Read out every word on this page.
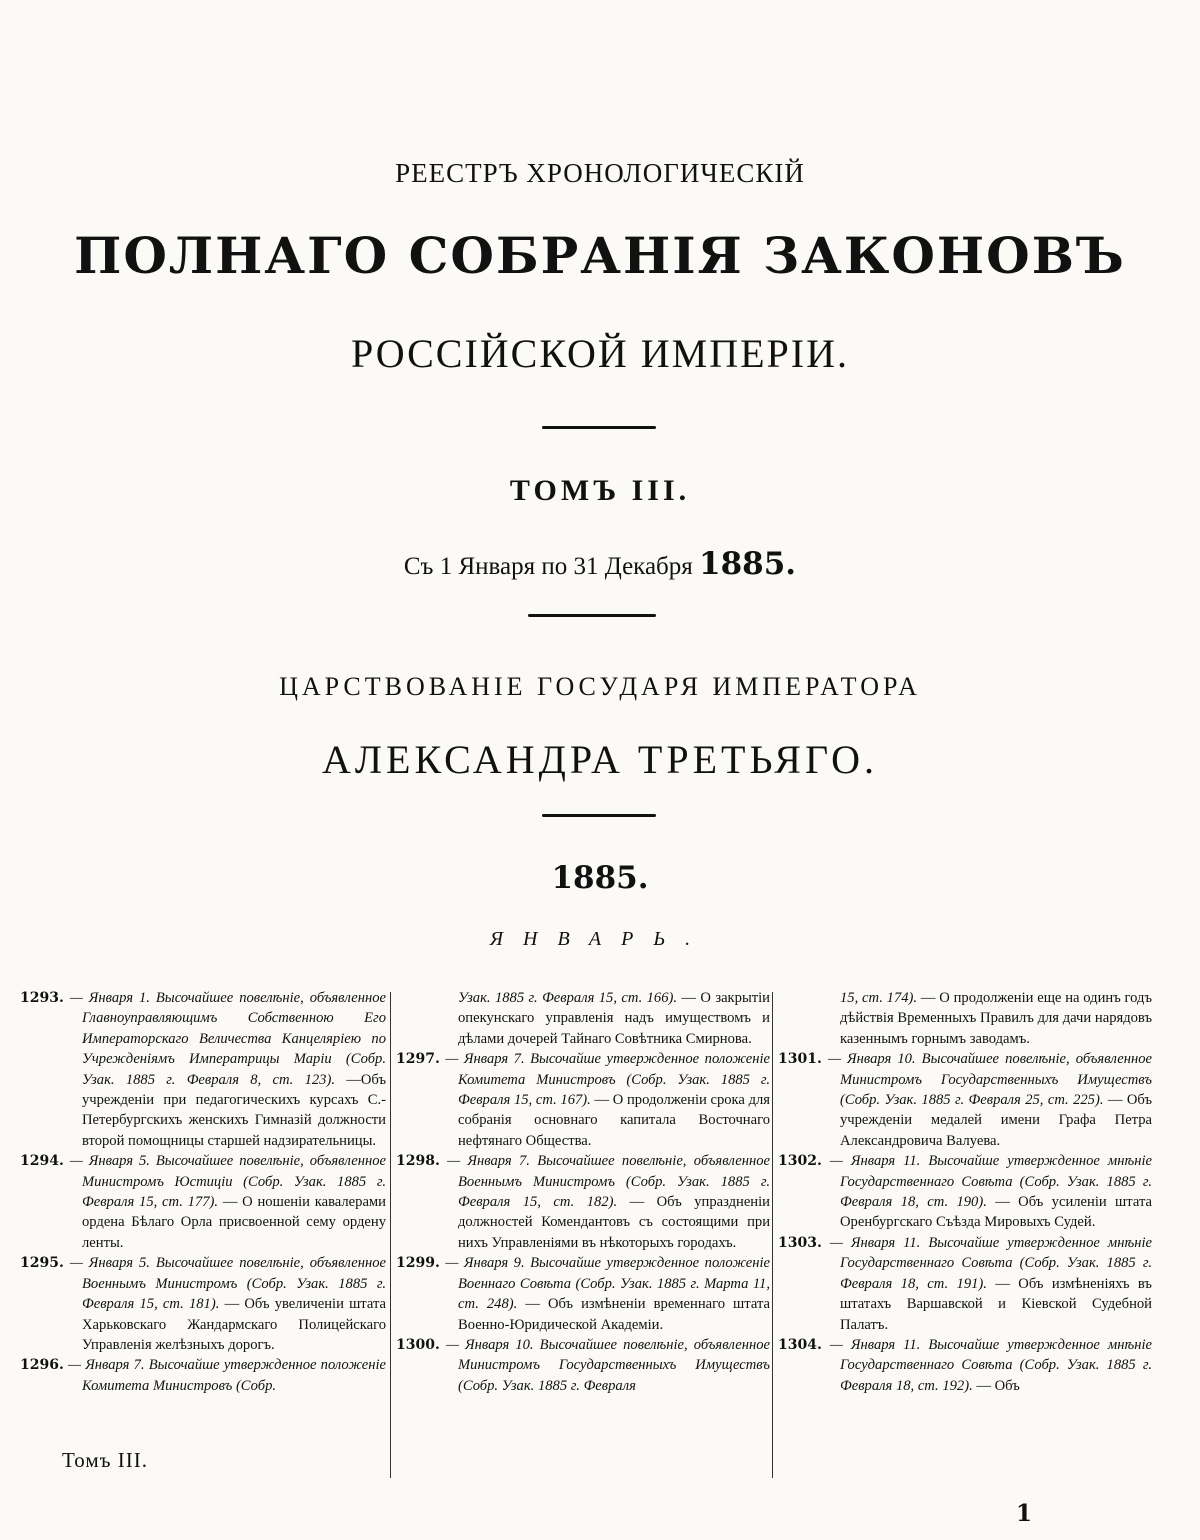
РЕЕСТРЪ ХРОНОЛОГИЧЕСКІЙ
ПОЛНАГО СОБРАНІЯ ЗАКОНОВЪ
РОССІЙСКОЙ ИМПЕРІИ.
ТОМЪ III.
Съ 1 Января по 31 Декабря 1885.
ЦАРСТВОВАНІЕ ГОСУДАРЯ ИМПЕРАТОРА
АЛЕКСАНДРА ТРЕТЬЯГО.
1885.
ЯНВАРЬ.

1293. — Января 1. Высочайшее повелѣніе, объявленное Главноуправляющимъ Собственною Его Императорскаго Величества Канцеляріею по Учрежденіямъ Императрицы Маріи (Собр. Узак. 1885 г. Февраля 8, ст. 123). —Объ учрежденіи при педагогическихъ курсахъ С.-Петербургскихъ женскихъ Гимназій должности второй помощницы старшей надзирательницы.

1294. — Января 5. Высочайшее повелѣніе, объявленное Министромъ Юстиціи (Собр. Узак. 1885 г. Февраля 15, ст. 177). — О ношеніи кавалерами ордена Бѣлаго Орла присвоенной сему ордену ленты.

1295. — Января 5. Высочайшее повелѣніе, объявленное Военнымъ Министромъ (Собр. Узак. 1885 г. Февраля 15, ст. 181). — Объ увеличеніи штата Харьковскаго Жандармскаго Полицейскаго Управленія желѣзныхъ дорогъ.

1296. — Января 7. Высочайше утвержденное положеніе Комитета Министровъ (Собр.

Узак. 1885 г. Февраля 15, ст. 166). — О закрытіи опекунскаго управленія надъ имуществомъ и дѣлами дочерей Тайнаго Совѣтника Смирнова.

1297. — Января 7. Высочайше утвержденное положеніе Комитета Министровъ (Собр. Узак. 1885 г. Февраля 15, ст. 167). — О продолженіи срока для собранія основнаго капитала Восточнаго нефтянаго Общества.

1298. — Января 7. Высочайшее повелѣніе, объявленное Военнымъ Министромъ (Собр. Узак. 1885 г. Февраля 15, ст. 182). — Объ упраздненіи должностей Комендантовъ съ состоящими при нихъ Управленіями въ нѣкоторыхъ городахъ.

1299. — Января 9. Высочайше утвержденное положеніе Военнаго Совѣта (Собр. Узак. 1885 г. Марта 11, ст. 248). — Объ измѣненіи временнаго штата Военно-Юридической Академіи.

1300. — Января 10. Высочайшее повелѣніе, объявленное Министромъ Государственныхъ Имуществъ (Собр. Узак. 1885 г. Февраля

15, ст. 174). — О продолженіи еще на одинъ годъ дѣйствія Временныхъ Правилъ для дачи нарядовъ казеннымъ горнымъ заводамъ.

1301. — Января 10. Высочайшее повелѣніе, объявленное Министромъ Государственныхъ Имуществъ (Собр. Узак. 1885 г. Февраля 25, ст. 225). — Объ учрежденіи медалей имени Графа Петра Александровича Валуева.

1302. — Января 11. Высочайше утвержденное мнѣніе Государственнаго Совѣта (Собр. Узак. 1885 г. Февраля 18, ст. 190). — Объ усиленіи штата Оренбургскаго Съѣзда Мировыхъ Судей.

1303. — Января 11. Высочайше утвержденное мнѣніе Государственнаго Совѣта (Собр. Узак. 1885 г. Февраля 18, ст. 191). — Объ измѣненіяхъ въ штатахъ Варшавской и Кіевской Судебной Палатъ.

1304. — Января 11. Высочайше утвержденное мнѣніе Государственнаго Совѣта (Собр. Узак. 1885 г. Февраля 18, ст. 192). — Объ

Томъ III.
1
